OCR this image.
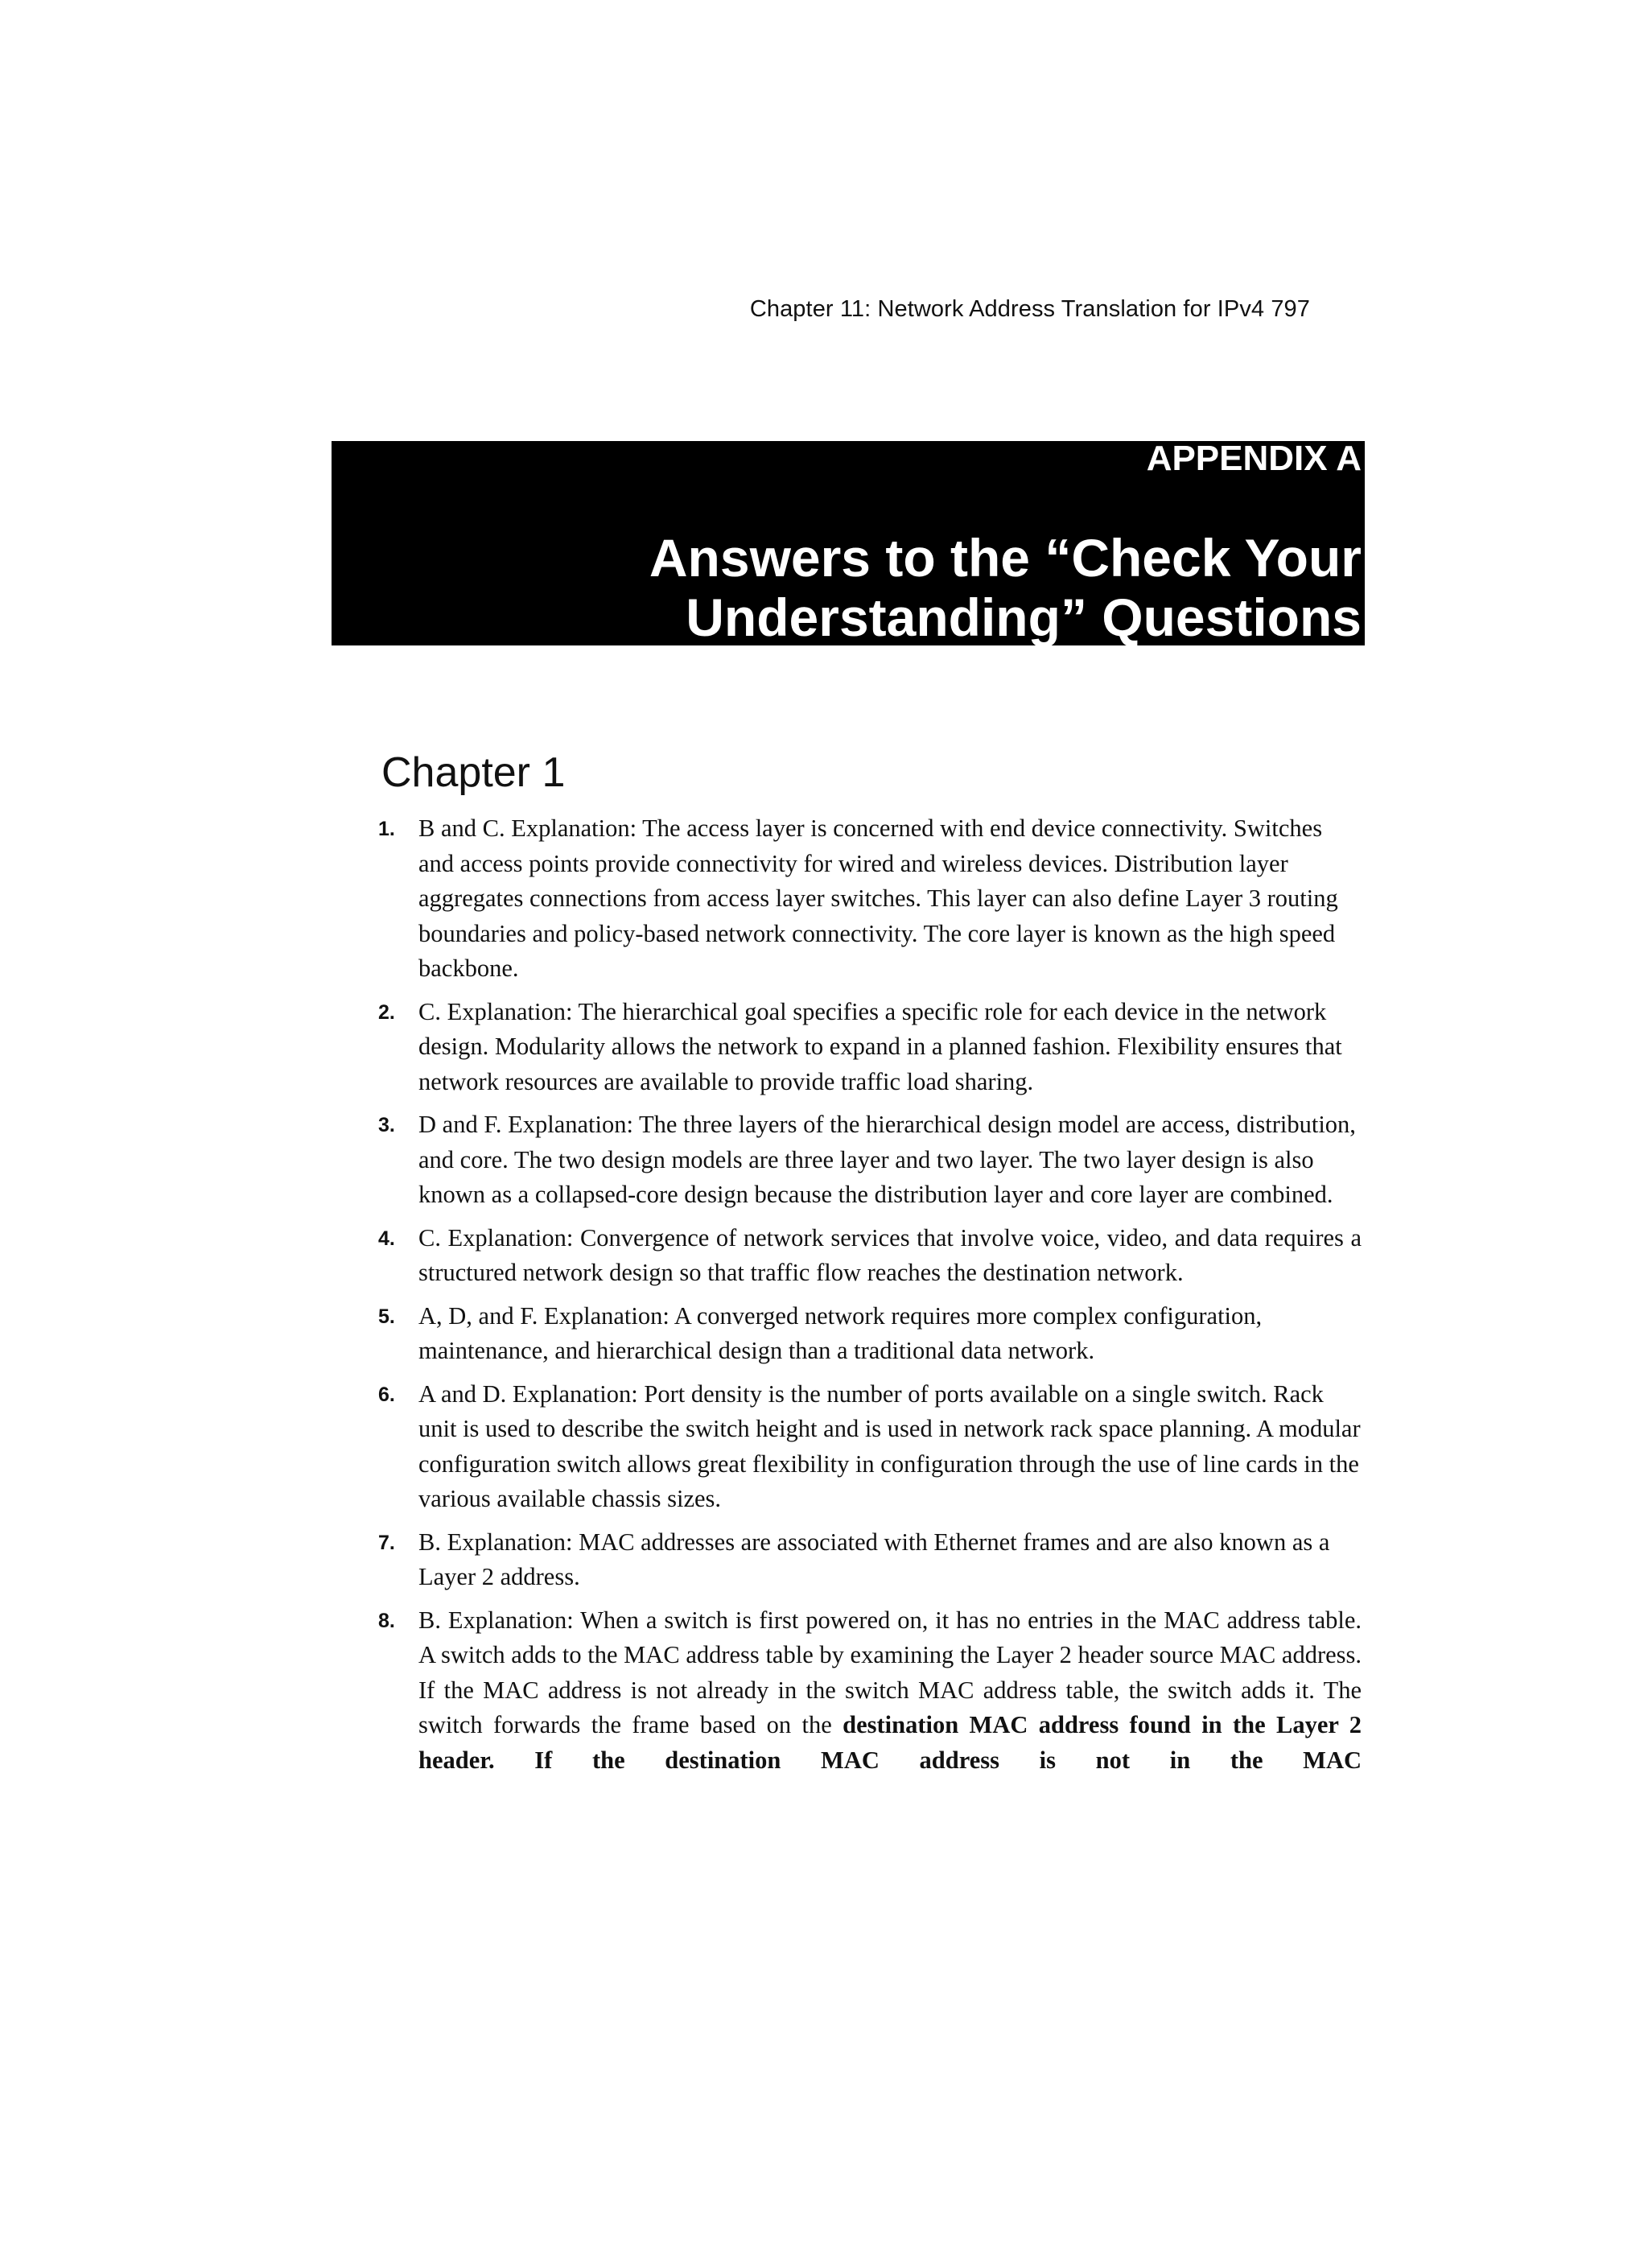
Chapter 11: Network Address Translation for IPv4 797
APPENDIX A
Answers to the “Check Your
Understanding” Questions
Chapter 1
1. B and C. Explanation: The access layer is concerned with end device connectivity. Switches and access points provide connectivity for wired and wireless devices. Distribution layer aggregates connections from access layer switches. This layer can also define Layer 3 routing boundaries and policy-based network connectivity. The core layer is known as the high speed backbone.
2. C. Explanation: The hierarchical goal specifies a specific role for each device in the network design. Modularity allows the network to expand in a planned fashion. Flexibility ensures that network resources are available to provide traffic load sharing.
3. D and F. Explanation: The three layers of the hierarchical design model are access, distribution, and core. The two design models are three layer and two layer. The two layer design is also known as a collapsed-core design because the distribution layer and core layer are combined.
4. C. Explanation: Convergence of network services that involve voice, video, and data requires a structured network design so that traffic flow reaches the destination network.
5. A, D, and F. Explanation: A converged network requires more complex configuration, maintenance, and hierarchical design than a traditional data network.
6. A and D. Explanation: Port density is the number of ports available on a single switch. Rack unit is used to describe the switch height and is used in network rack space planning. A modular configuration switch allows great flexibility in configuration through the use of line cards in the various available chassis sizes.
7. B. Explanation: MAC addresses are associated with Ethernet frames and are also known as a Layer 2 address.
8. B. Explanation: When a switch is first powered on, it has no entries in the MAC address table. A switch adds to the MAC address table by examining the Layer 2 header source MAC address. If the MAC address is not already in the switch MAC address table, the switch adds it. The switch forwards the frame based on the destination MAC address found in the Layer 2 header. If the destination MAC address is not in the MAC
